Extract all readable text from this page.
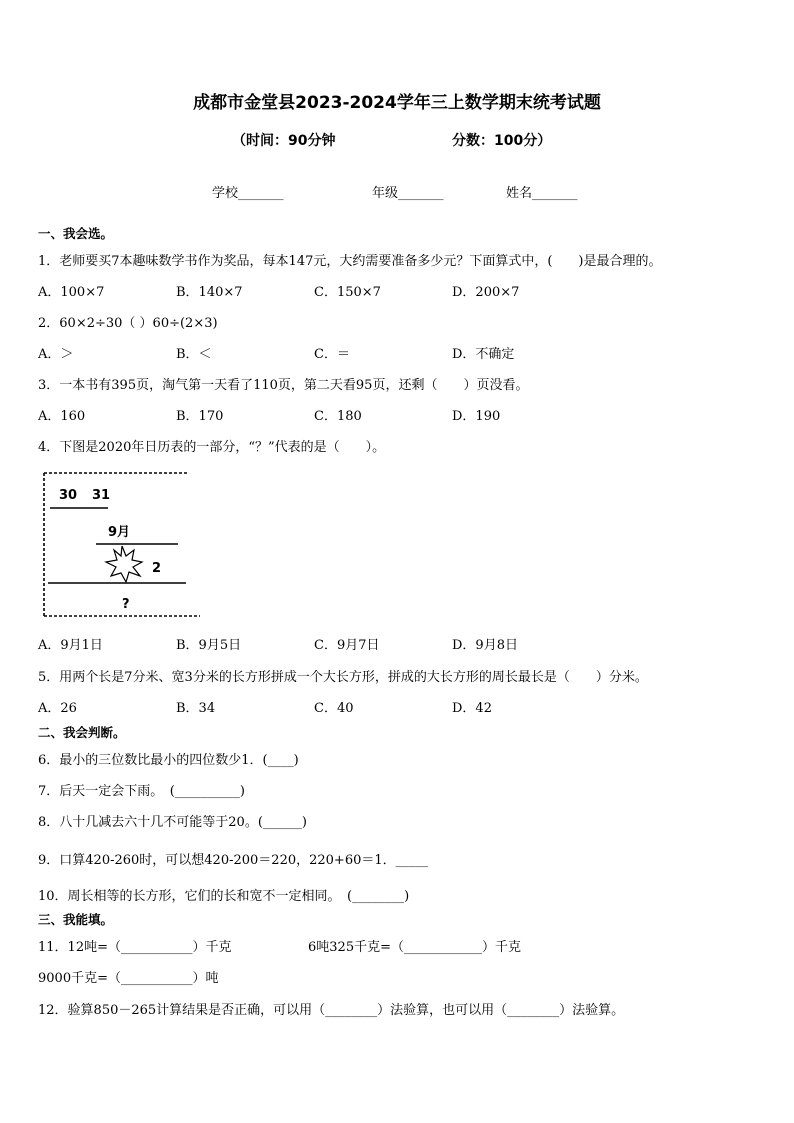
成都市金堂县2023-2024学年三上数学期末统考试题
（时间：90分钟	分数：100分）
学校_______	年级_______	姓名_______
一、我会选。
1．老师要买7本趣味数学书作为奖品，每本147元，大约需要准备多少元？下面算式中，(　　)是最合理的。
A．100×7	B．140×7	C．150×7	D．200×7
2．60×2÷30（ ）60÷(2×3)
A．＞	B．＜	C．＝	D．不确定
3．一本书有395页，淘气第一天看了110页，第二天看95页，还剩（　　）页没看。
A．160	B．170	C．180	D．190
4．下图是2020年日历表的一部分，“？”代表的是（　　）。
30 31
9月
2
?
A．9月1日	B．9月5日	C．9月7日	D．9月8日
5．用两个长是7分米、宽3分米的长方形拼成一个大长方形，拼成的大长方形的周长最长是（　　）分米。
A．26	B．34	C．40	D．42
二、我会判断。
6．最小的三位数比最小的四位数少1．(____)
7．后天一定会下雨。　(__________)
8．八十几减去六十几不可能等于20。(______)
9．口算420-260时，可以想420-200＝220，220+60＝1．_____
10．周长相等的长方形，它们的长和宽不一定相同。　(________)
三、我能填。
11．12吨=（___________）千克	6吨325千克=（____________）千克
9000千克=（___________）吨
12．验算850－265计算结果是否正确，可以用（________）法验算，也可以用（________）法验算。
